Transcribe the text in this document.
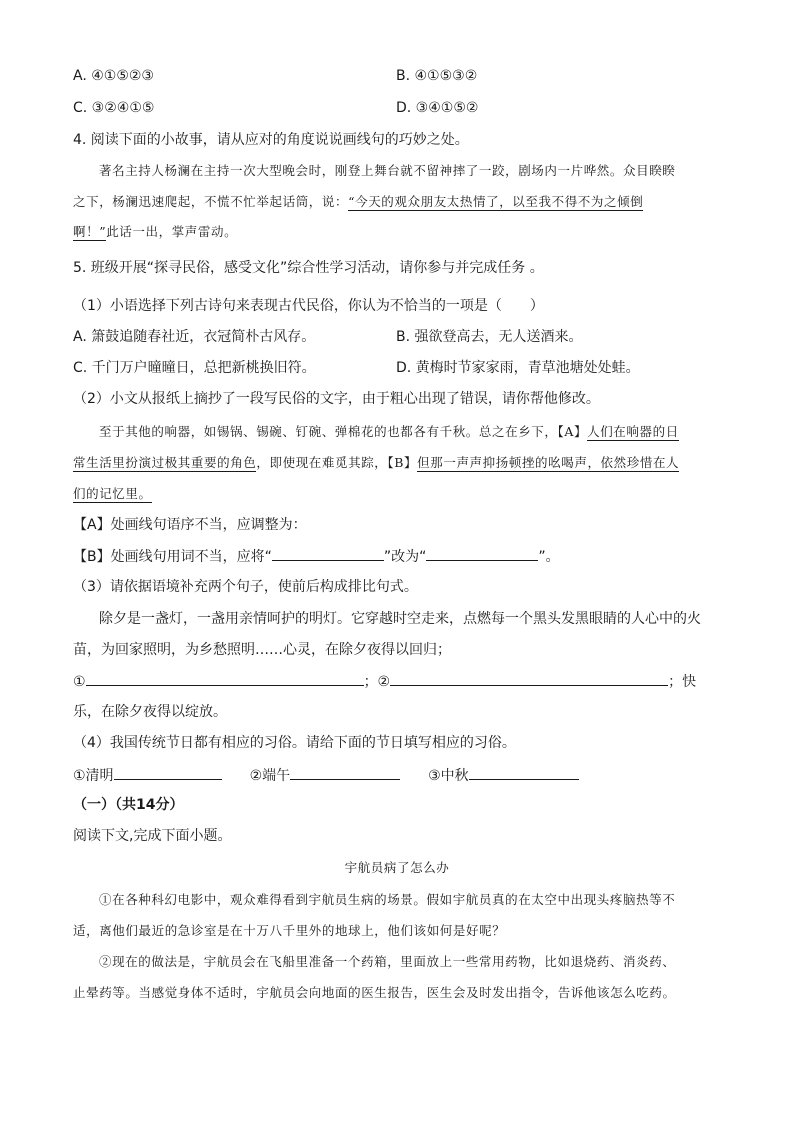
A. ④①⑤②③	B. ④①⑤③②
C. ③②④①⑤	D. ③④①⑤②
4. 阅读下面的小故事，请从应对的角度说说画线句的巧妙之处。
著名主持人杨澜在主持一次大型晚会时，刚登上舞台就不留神摔了一跤，剧场内一片哗然。众目睽睽
之下，杨澜迅速爬起，不慌不忙举起话筒，说：“今天的观众朋友太热情了，以至我不得不为之倾倒
啊！”此话一出，掌声雷动。
5. 班级开展“探寻民俗，感受文化”综合性学习活动，请你参与并完成任务 。
（1）小语选择下列古诗句来表现古代民俗，你认为不恰当的一项是（　　）
A. 箫鼓追随春社近，衣冠简朴古风存。	B. 强欲登高去，无人送酒来。
C. 千门万户曈曈日，总把新桃换旧符。	D. 黄梅时节家家雨，青草池塘处处蛙。
（2）小文从报纸上摘抄了一段写民俗的文字，由于粗心出现了错误，请你帮他修改。
至于其他的响器，如锡锅、锡碗、钉碗、弹棉花的也都各有千秋。总之在乡下，【A】人们在响器的日
常生活里扮演过极其重要的角色，即使现在难觅其踪，【B】但那一声声抑扬顿挫的吆喝声，依然珍惜在人
们的记忆里。
【A】处画线句语序不当，应调整为：
【B】处画线句用词不当，应将“	”改为“	”。
（3）请依据语境补充两个句子，使前后构成排比句式。
除夕是一盏灯，一盏用亲情呵护的明灯。它穿越时空走来，点燃每一个黑头发黑眼睛的人心中的火
苗，为回家照明，为乡愁照明……心灵，在除夕夜得以回归；
①	；②	；快
乐，在除夕夜得以绽放。
（4）我国传统节日都有相应的习俗。请给下面的节日填写相应的习俗。
①清明	②端午	③中秋
（一）（共14分）
阅读下文,完成下面小题。
宇航员病了怎么办
①在各种科幻电影中，观众难得看到宇航员生病的场景。假如宇航员真的在太空中出现头疼脑热等不
适，离他们最近的急诊室是在十万八千里外的地球上，他们该如何是好呢？
②现在的做法是，宇航员会在飞船里准备一个药箱，里面放上一些常用药物，比如退烧药、消炎药、
止晕药等。当感觉身体不适时，宇航员会向地面的医生报告，医生会及时发出指令，告诉他该怎么吃药。
